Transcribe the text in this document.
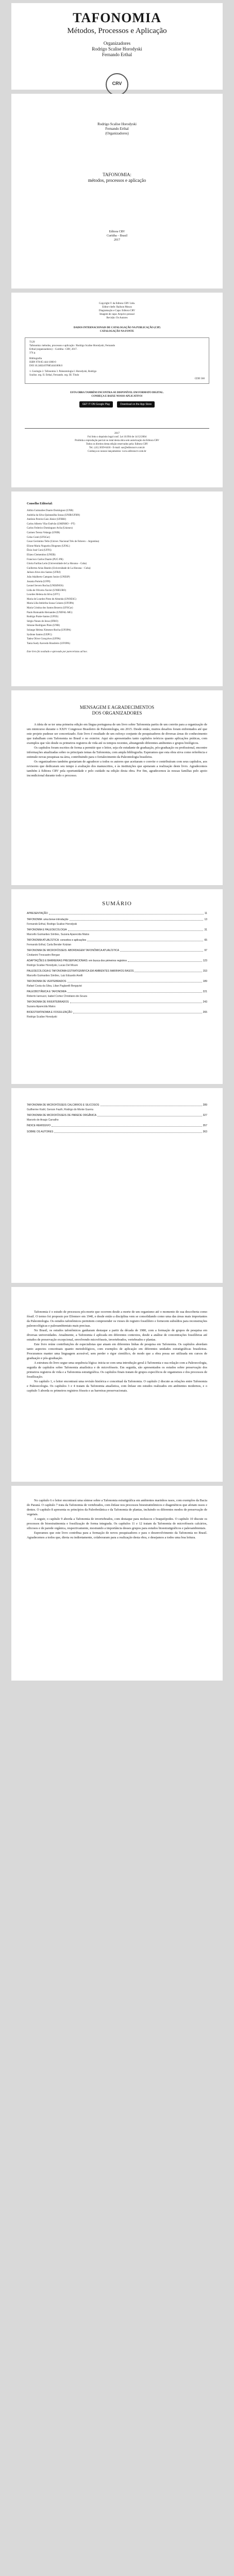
TAFONOMIA
Métodos, Processos e Aplicação
Organizadores
Rodrigo Scalise Horodyski
Fernando Erthal
CRV
Rodrigo Scalise Horodyski
Fernando Erthal
(Organizadores)
TAFONOMIA:
métodos, processos e aplicação
Editora CRV
Curitiba – Brasil
2017
Copyright © da Editora CRV Ltda.
Editor-chefe: Railson Moura
Diagramação e Capa: Editora CRV
Imagem de capa: Arquivo pessoal
Revisão: Os Autores
DADOS INTERNACIONAIS DE CATALOGAÇÃO NA PUBLICAÇÃO (CIP)
CATALOGAÇÃO NA FONTE
T129
Tafonomia: métodos, processos e aplicação / Rodrigo Scalise Horodyski, Fernando
Erthal (organizadores) – Curitiba : CRV, 2017.
374 p.
Bibliografia
ISBN 978-85-444-1000-0
DOI 10.24824/978854441000.0
1. Geologia 2. Tafonomia 3. Paleontologia I. Horodyski, Rodrigo
Scalise. org. II. Erthal, Fernando. org. III. Título
CDD 560
ESTA OBRA TAMBÉM ENCONTRA-SE DISPONÍVEL EM FORMATO DIGITAL.
CONHEÇA E BAIXE NOSSO APLICATIVO!
GET IT ON Google Play	Download on the App Store
2017
Foi feito o depósito legal conf. Lei 10.994 de 14/12/2004
Proibida a reprodução parcial ou total desta obra sem autorização da Editora CRV
Todos os direitos desta edição reservados pela: Editora CRV
Tel.: (41) 3039-6418 - E-mail: sac@editoracrv.com.br
Conheça os nossos lançamentos: www.editoracrv.com.br
Conselho Editorial:
Aldira Guimarães Duarte Domínguez (UNB)
Andréia da Silva Quintanilha Sousa (UNIR/UFRN)
Antônio Pereira Gaio Júnior (UFRRJ)
Carlos Alberto Vilar Estêvão (UMINHO – PT)
Carlos Federico Dominguez Avila (Unieuro)
Carmen Tereza Velanga (UNIR)
Celso Conti (UFSCar)
Cesar Gerónimo Tello (Univer. Nacional Três de Febrero – Argentina)
Elione Maria Nogueira Diogenes (UFAL)
Élsio José Corá (UFFS)
Elizeu Clementino (UNEB)
Francisco Carlos Duarte (PUC-PR)
Gloria Fariñas León (Universidade de La Havana – Cuba)
Guillermo Arias Beatón (Universidade de La Havana – Cuba)
Jailson Alves dos Santos (UFRJ)
João Adalberto Campato Junior (UNESP)
Josania Portela (UFPI)
Leonel Severo Rocha (UNISINOS)
Lídia de Oliveira Xavier (UNIEURO)
Lourdes Helena da Silva (UFV)
Maria de Lourdes Pinto de Almeida (UNOESC)
Maria Lília Imbiriba Sousa Colares (UFOPA)
Maria Cristina dos Santos Bezerra (UFSCar)
Paulo Romualdo Hernandes (UNIFAL-MG)
Rodrigo Pratte-Santos (UFES)
Sérgio Nunes de Jesus (IFRO)
Simone Rodrigues Pinto (UNB)
Solange Helena Ximenes-Rocha (UFOPA)
Sydione Santos (UEPG)
Tadeu Oliver Gonçalves (UFPA)
Tania Suely Azevedo Brasileiro (UFOPA)
Este livro foi avaliado e aprovado por pareceristas ad hoc.
MENSAGEM E AGRADECIMENTOS
DOS ORGANIZADORES

A ideia de se ter uma primeira edição em língua portuguesa de um livro sobre Tafonomia partiu de um convite para a organização de um minicurso durante o XXIV Congresso Brasileiro de Paleontologia, em 2015. Desde então, muitos desafios foram enfrentados até que este projeto pudesse ser concretizado. Este livro é resultado de um esforço conjunto de pesquisadores de diversas áreas do conhecimento que trabalham com Tafonomia no Brasil e no exterior. Aqui são apresentados tanto capítulos teóricos quanto aplicações práticas, com exemplos que vão desde os primeiros registros de vida até os tempos recentes, abrangendo diferentes ambientes e grupos biológicos.

Os capítulos foram escritos de forma a permitir que o leitor, seja ele estudante de graduação, pós-graduação ou profissional, encontre informações atualizadas sobre os principais temas da Tafonomia, com ampla bibliografia. Esperamos que esta obra sirva como referência e estimule novas pesquisas na área, contribuindo para o fortalecimento da Paleontologia brasileira.

Os organizadores também gostariam de agradecer a todos os autores que aceitaram o convite e contribuíram com seus capítulos, aos revisores que dedicaram seu tempo à avaliação dos manuscritos, e às instituições que apoiaram a realização deste livro. Agradecemos também à Editora CRV pela oportunidade e pelo cuidado na edição desta obra. Por fim, agradecemos às nossas famílias pelo apoio incondicional durante todo o processo.

SUMÁRIO
APRESENTAÇÃO	11
TAFONOMIA: uma breve introdução	13
Fernando Erthal, Rodrigo Scalise Horodyski
TAFONOMIA E PALEOECOLOGIA	31
Marcello Guimarães Simões, Suzana Aparecida Matos
TAFONOMIA ATUALÍSTICA: conceitos e aplicações	65
Fernando Erthal, Carla Bender Kotzian
TAFONOMIA DE MICROFÓSSEIS: ABORDAGEM TAFONÔMICA ATUALÍSTICA	97
Cristianini Trescastro Bergue
ADAPTAÇÕES E BARREIRAS PRESERVACIONAIS: em busca dos primeiros registros	123
Rodrigo Scalise Horodyski, Lucas Del Mouro
PALEOECOLOGIA E TAFONOMIA ESTRATIGRÁFICA EM AMBIENTES MARINHOS RASOS	153
Marcello Guimarães Simões, Luiz Eduardo Anelli
TAFONOMIA DE VERTEBRADOS	189
Rafael Costa da Silva, Lilian Paglarelli Bergqvist
PALEOBOTÂNICA E TAFONOMIA	221
Roberto Iannuzzi, Isabel Cortez Christiano-de-Souza
TAFONOMIA DE INVERTEBRADOS	243
Suzana Aparecida Matos
BIOESTRATINOMIA E FOSSILIZAÇÃO	265
Rodrigo Scalise Horodyski
TAFONOMIA DE MICROFÓSSEIS CALCÁRIOS E SILICOSOS	289
Guilherme Krahl, Gerson Fauth, Rodrigo do Monte Guerra
TAFONOMIA DE MICROFÓSSEIS DE PAREDE ORGÂNICA	327
Marcelo de Araujo Carvalho
ÍNDICE REMISSIVO	357
SOBRE OS AUTORES	363

Tafonomia é o estudo de processos pós-morte que ocorrem desde a morte de um organismo até o momento de sua descoberta como fóssil. O termo foi proposto por Efremov em 1940, e desde então a disciplina vem se consolidando como uma das áreas mais importantes da Paleontologia. Os estudos tafonômicos permitem compreender os vieses do registro fossilífero e fornecem subsídios para reconstruções paleoecológicas e paleoambientais mais precisas.

No Brasil, os estudos tafonômicos ganharam destaque a partir da década de 1980, com a formação de grupos de pesquisa em diversas universidades. Atualmente, a Tafonomia é aplicada em diferentes contextos, desde a análise de concentrações fossilíferas até estudos de preservação excepcional, envolvendo microfósseis, invertebrados, vertebrados e plantas.

Este livro reúne contribuições de especialistas que atuam em diferentes linhas de pesquisa em Tafonomia. Os capítulos abordam tanto aspectos conceituais quanto metodológicos, com exemplos de aplicação em diferentes unidades estratigráficas brasileiras. Procuramos manter uma linguagem acessível, sem perder o rigor científico, de modo que a obra possa ser utilizada em cursos de graduação e pós-graduação.

A estrutura do livro segue uma sequência lógica: inicia-se com uma introdução geral à Tafonomia e sua relação com a Paleoecologia, seguida de capítulos sobre Tafonomia atualística e de microfósseis. Em seguida, são apresentados os estudos sobre preservação dos primeiros registros de vida e a Tafonomia estratigráfica. Os capítulos finais tratam de grupos específicos de organismos e dos processos de fossilização.

No capítulo 1, o leitor encontrará uma revisão histórica e conceitual da Tafonomia. O capítulo 2 discute as relações entre Tafonomia e Paleoecologia. Os capítulos 3 e 4 tratam da Tafonomia atualística, com ênfase em estudos realizados em ambientes modernos, e o capítulo 5 aborda os primeiros registros fósseis e as barreiras preservacionais.

No capítulo 6 o leitor encontrará uma síntese sobre a Tafonomia estratigráfica em ambientes marinhos rasos, com exemplos da Bacia do Paraná. O capítulo 7 trata da Tafonomia de vertebrados, com ênfase nos processos bioestratinômicos e diagenéticos que afetam ossos e dentes. O capítulo 8 apresenta os princípios da Paleobotânica e da Tafonomia de plantas, incluindo os diferentes modos de preservação de vegetais.

A seguir, o capítulo 9 aborda a Tafonomia de invertebrados, com destaque para moluscos e braquiópodes. O capítulo 10 discute os processos de bioestratinomia e fossilização de forma integrada. Os capítulos 11 e 12 tratam da Tafonomia de microfósseis calcários, silicosos e de parede orgânica, respectivamente, mostrando a importância desses grupos para estudos bioestratigráficos e paleoambientais.

Esperamos que este livro contribua para a formação de novos pesquisadores e para o desenvolvimento da Tafonomia no Brasil. Agradecemos a todos que, direta ou indiretamente, colaboraram para a realização desta obra, e desejamos a todos uma boa leitura.
